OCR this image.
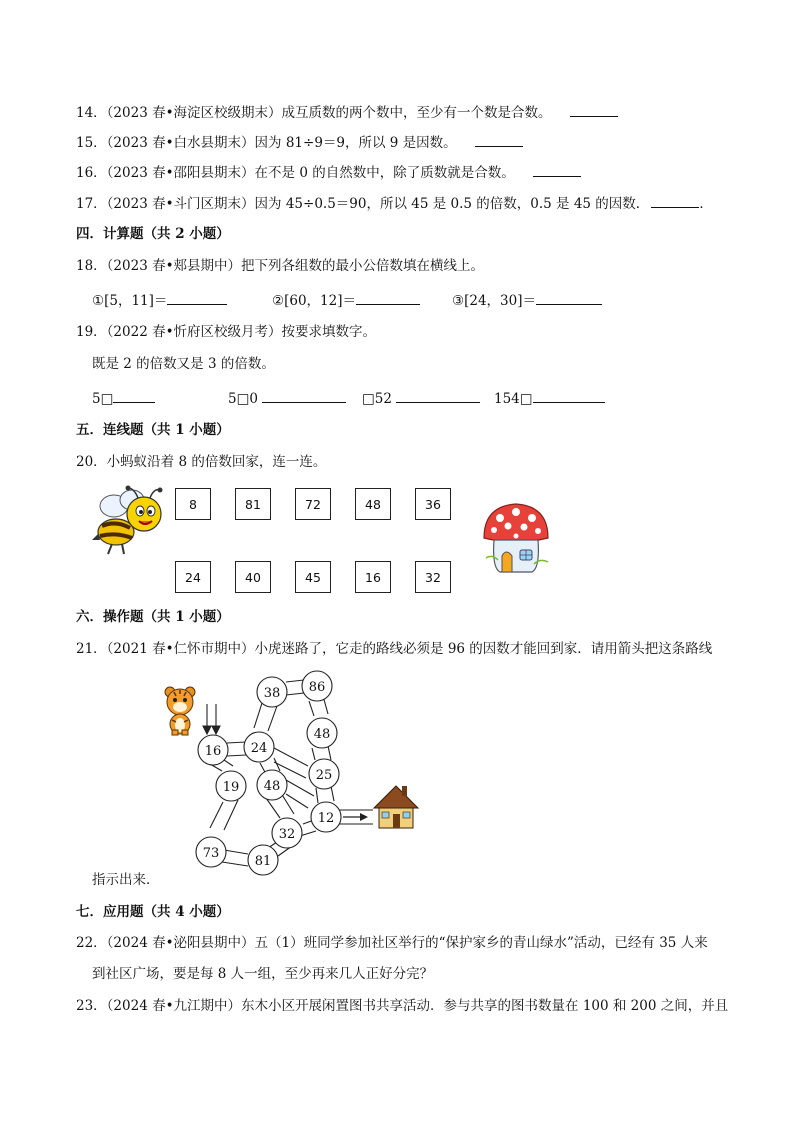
14．（2023 春•海淀区校级期末）成互质数的两个数中，至少有一个数是合数。
15．（2023 春•白水县期末）因为 81÷9＝9，所以 9 是因数。
16．（2023 春•邵阳县期末）在不是 0 的自然数中，除了质数就是合数。
17．（2023 春•斗门区期末）因为 45÷0.5＝90，所以 45 是 0.5 的倍数，0.5 是 45 的因数．	．
四．计算题（共 2 小题）
18．（2023 春•郏县期中）把下列各组数的最小公倍数填在横线上。
①[5，11]＝	②[60，12]＝	③[24，30]＝
19．（2022 春•忻府区校级月考）按要求填数字。
既是 2 的倍数又是 3 的倍数。
5□	5□0	□52	154□
五．连线题（共 1 小题）
20．小蚂蚁沿着 8 的倍数回家，连一连。
8	81	72	48	36
24	40	45	16	32
六．操作题（共 1 小题）
21．（2021 春•仁怀市期中）小虎迷路了，它走的路线必须是 96 的因数才能回到家．请用箭头把这条路线
38 86
48
16 24
25
19 48
12
32
73
81
指示出来．
七．应用题（共 4 小题）
22．（2024 春•泌阳县期中）五（1）班同学参加社区举行的“保护家乡的青山绿水”活动，已经有 35 人来
到社区广场，要是每 8 人一组，至少再来几人正好分完？
23．（2024 春•九江期中）东木小区开展闲置图书共享活动．参与共享的图书数量在 100 和 200 之间，并且
